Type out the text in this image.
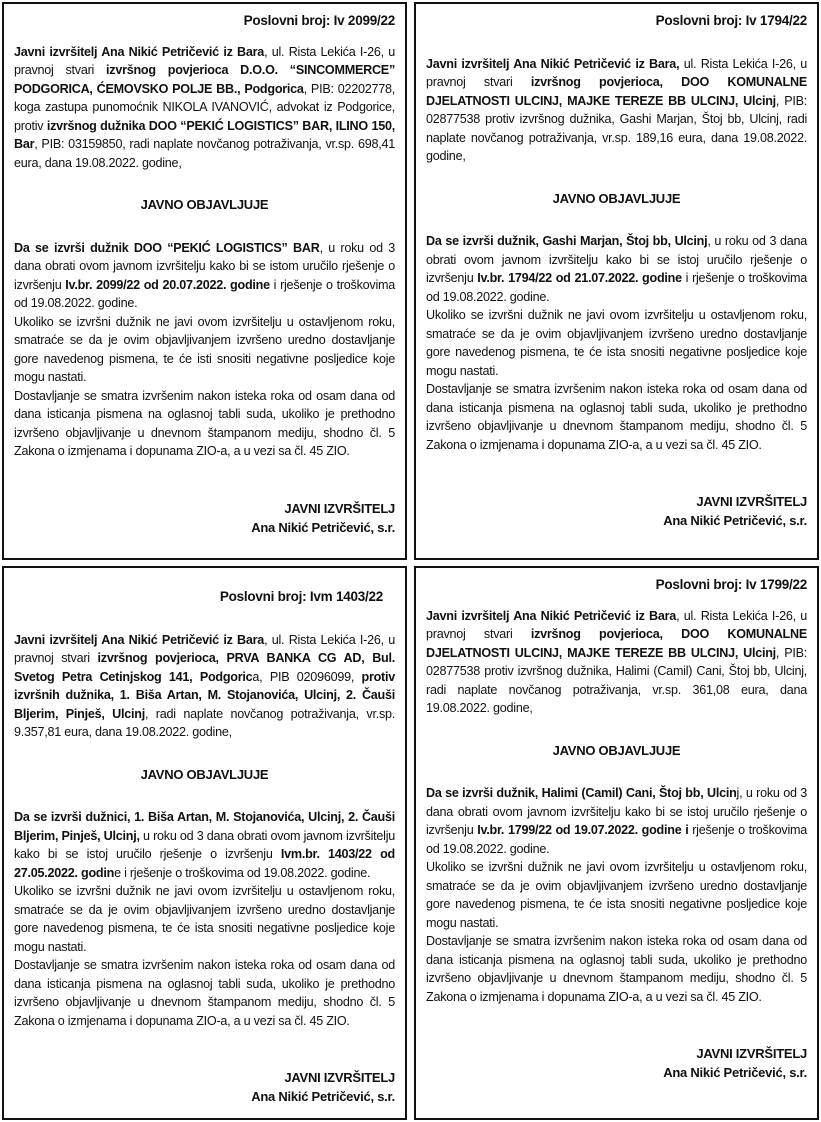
Poslovni broj: Iv 2099/22

Javni izvršitelj Ana Nikić Petričević iz Bara, ul. Rista Lekića I-26, u pravnoj stvari izvršnog povjerioca D.O.O. “SINCOMMERCE” PODGORICA, ĆEMOVSKO POLJE BB., Podgorica, PIB: 02202778, koga zastupa punomoćnik NIKOLA IVANOVIĆ, advokat iz Podgorice, protiv izvršnog dužnika DOO “PEKIĆ LOGISTICS” BAR, ILINO 150, Bar, PIB: 03159850, radi naplate novčanog potraživanja, vr.sp. 698,41 eura, dana 19.08.2022. godine,

JAVNO OBJAVLJUJE

Da se izvrši dužnik DOO “PEKIĆ LOGISTICS” BAR, u roku od 3 dana obrati ovom javnom izvršitelju kako bi se istom uručilo rješenje o izvršenju Iv.br. 2099/22 od 20.07.2022. godine i rješenje o troškovima od 19.08.2022. godine.

Ukoliko se izvršni dužnik ne javi ovom izvršitelju u ostavljenom roku, smatraće se da je ovim objavljivanjem izvršeno uredno dostavljanje gore navedenog pismena, te će isti snositi negativne posljedice koje mogu nastati.

Dostavljanje se smatra izvršenim nakon isteka roka od osam dana od dana isticanja pismena na oglasnoj tabli suda, ukoliko je prethodno izvršeno objavljivanje u dnevnom štampanom mediju, shodno čl. 5 Zakona o izmjenama i dopunama ZIO-a, a u vezi sa čl. 45 ZIO.

JAVNI IZVRŠITELJ
Ana Nikić Petričević, s.r.
Poslovni broj: Iv 1794/22

Javni izvršitelj Ana Nikić Petričević iz Bara, ul. Rista Lekića I-26, u pravnoj stvari izvršnog povjerioca, DOO KOMUNALNE DJELATNOSTI ULCINJ, MAJKE TEREZE BB ULCINJ, Ulcinj, PIB: 02877538 protiv izvršnog dužnika, Gashi Marjan, Štoj bb, Ulcinj, radi naplate novčanog potraživanja, vr.sp. 189,16 eura, dana 19.08.2022. godine,

JAVNO OBJAVLJUJE

Da se izvrši dužnik, Gashi Marjan, Štoj bb, Ulcinj, u roku od 3 dana obrati ovom javnom izvršitelju kako bi se istoj uručilo rješenje o izvršenju Iv.br. 1794/22 od 21.07.2022. godine i rješenje o troškovima od 19.08.2022. godine.

Ukoliko se izvršni dužnik ne javi ovom izvršitelju u ostavljenom roku, smatraće se da je ovim objavljivanjem izvršeno uredno dostavljanje gore navedenog pismena, te će ista snositi negativne posljedice koje mogu nastati.

Dostavljanje se smatra izvršenim nakon isteka roka od osam dana od dana isticanja pismena na oglasnoj tabli suda, ukoliko je prethodno izvršeno objavljivanje u dnevnom štampanom mediju, shodno čl. 5 Zakona o izmjenama i dopunama ZIO-a, a u vezi sa čl. 45 ZIO.

JAVNI IZVRŠITELJ
Ana Nikić Petričević, s.r.
Poslovni broj: Ivm 1403/22

Javni izvršitelj Ana Nikić Petričević iz Bara, ul. Rista Lekića I-26, u pravnoj stvari izvršnog povjerioca, PRVA BANKA CG AD, Bul. Svetog Petra Cetinjskog 141, Podgorica, PIB 02096099, protiv izvršnih dužnika, 1. Biša Artan, M. Stojanovića, Ulcinj, 2. Čauši Bljerim, Pinješ, Ulcinj, radi naplate novčanog potraživanja, vr.sp. 9.357,81 eura, dana 19.08.2022. godine,

JAVNO OBJAVLJUJE

Da se izvrši dužnici, 1. Biša Artan, M. Stojanovića, Ulcinj, 2. Čauši Bljerim, Pinješ, Ulcinj, u roku od 3 dana obrati ovom javnom izvršitelju kako bi se istoj uručilo rješenje o izvršenju Ivm.br. 1403/22 od 27.05.2022. godine i rješenje o troškovima od 19.08.2022. godine.

Ukoliko se izvršni dužnik ne javi ovom izvršitelju u ostavljenom roku, smatraće se da je ovim objavljivanjem izvršeno uredno dostavljanje gore navedenog pismena, te će ista snositi negativne posljedice koje mogu nastati.

Dostavljanje se smatra izvršenim nakon isteka roka od osam dana od dana isticanja pismena na oglasnoj tabli suda, ukoliko je prethodno izvršeno objavljivanje u dnevnom štampanom mediju, shodno čl. 5 Zakona o izmjenama i dopunama ZIO-a, a u vezi sa čl. 45 ZIO.

JAVNI IZVRŠITELJ
Ana Nikić Petričević, s.r.
Poslovni broj: Iv 1799/22

Javni izvršitelj Ana Nikić Petričević iz Bara, ul. Rista Lekića I-26, u pravnoj stvari izvršnog povjerioca, DOO KOMUNALNE DJELATNOSTI ULCINJ, MAJKE TEREZE BB ULCINJ, Ulcinj, PIB: 02877538 protiv izvršnog dužnika, Halimi (Camil) Cani, Štoj bb, Ulcinj, radi naplate novčanog potraživanja, vr.sp. 361,08 eura, dana 19.08.2022. godine,

JAVNO OBJAVLJUJE

Da se izvrši dužnik, Halimi (Camil) Cani, Štoj bb, Ulcinj, u roku od 3 dana obrati ovom javnom izvršitelju kako bi se istoj uručilo rješenje o izvršenju Iv.br. 1799/22 od 19.07.2022. godine i rješenje o troškovima od 19.08.2022. godine.

Ukoliko se izvršni dužnik ne javi ovom izvršitelju u ostavljenom roku, smatraće se da je ovim objavljivanjem izvršeno uredno dostavljanje gore navedenog pismena, te će ista snositi negativne posljedice koje mogu nastati.

Dostavljanje se smatra izvršenim nakon isteka roka od osam dana od dana isticanja pismena na oglasnoj tabli suda, ukoliko je prethodno izvršeno objavljivanje u dnevnom štampanom mediju, shodno čl. 5 Zakona o izmjenama i dopunama ZIO-a, a u vezi sa čl. 45 ZIO.

JAVNI IZVRŠITELJ
Ana Nikić Petričević, s.r.
